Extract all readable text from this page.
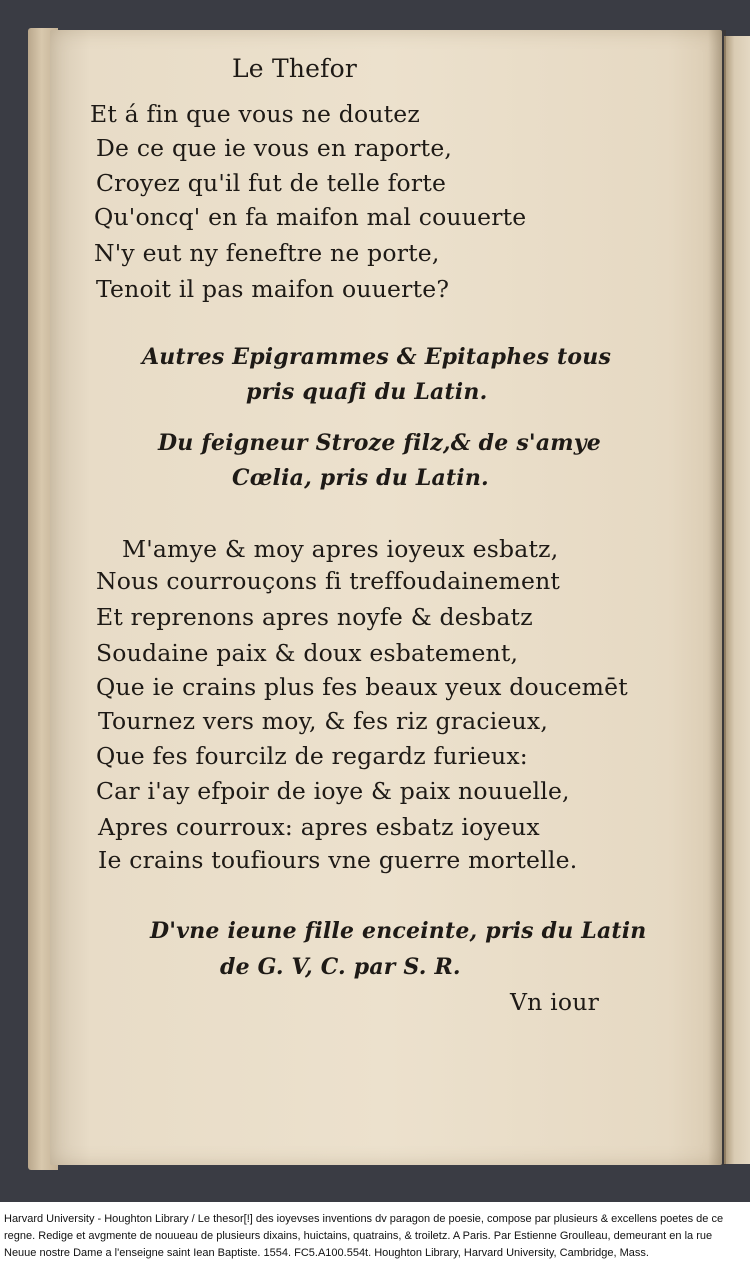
Le Thefor
Et á fin que vous ne doutez
De ce que ie vous en raporte,
Croyez qu'il fut de telle forte
Qu'oncq' en fa maifon mal couuerte
N'y eut ny feneftre ne porte,
Tenoit il pas maifon ouuerte?
Autres Epigrammes & Epitaphes tous
pris quafi du Latin.
Du feigneur Stroze filz,& de s'amye
Cœlia, pris du Latin.
M'amye & moy apres ioyeux esbatz,
Nous courrouçons fi treffoudainement
Et reprenons apres noyfe & desbatz
Soudaine paix & doux esbatement,
Que ie crains plus fes beaux yeux doucemēt
Tournez vers moy, & fes riz gracieux,
Que fes fourcilz de regardz furieux:
Car i'ay efpoir de ioye & paix nouuelle,
Apres courroux: apres esbatz ioyeux
Ie crains toufiours vne guerre mortelle.
D'vne ieune fille enceinte, pris du Latin
de G. V, C. par S. R.
Vn iour
Harvard University - Houghton Library / Le thesor[!] des ioyevses inventions dv paragon de poesie, compose par plusieurs & excellens poetes de ce regne. Redige et avgmente de nouueau de plusieurs dixains, huictains, quatrains, & troiletz. A Paris. Par Estienne Groulleau, demeurant en la rue Neuue nostre Dame a l'enseigne saint Iean Baptiste. 1554. FC5.A100.554t. Houghton Library, Harvard University, Cambridge, Mass.
